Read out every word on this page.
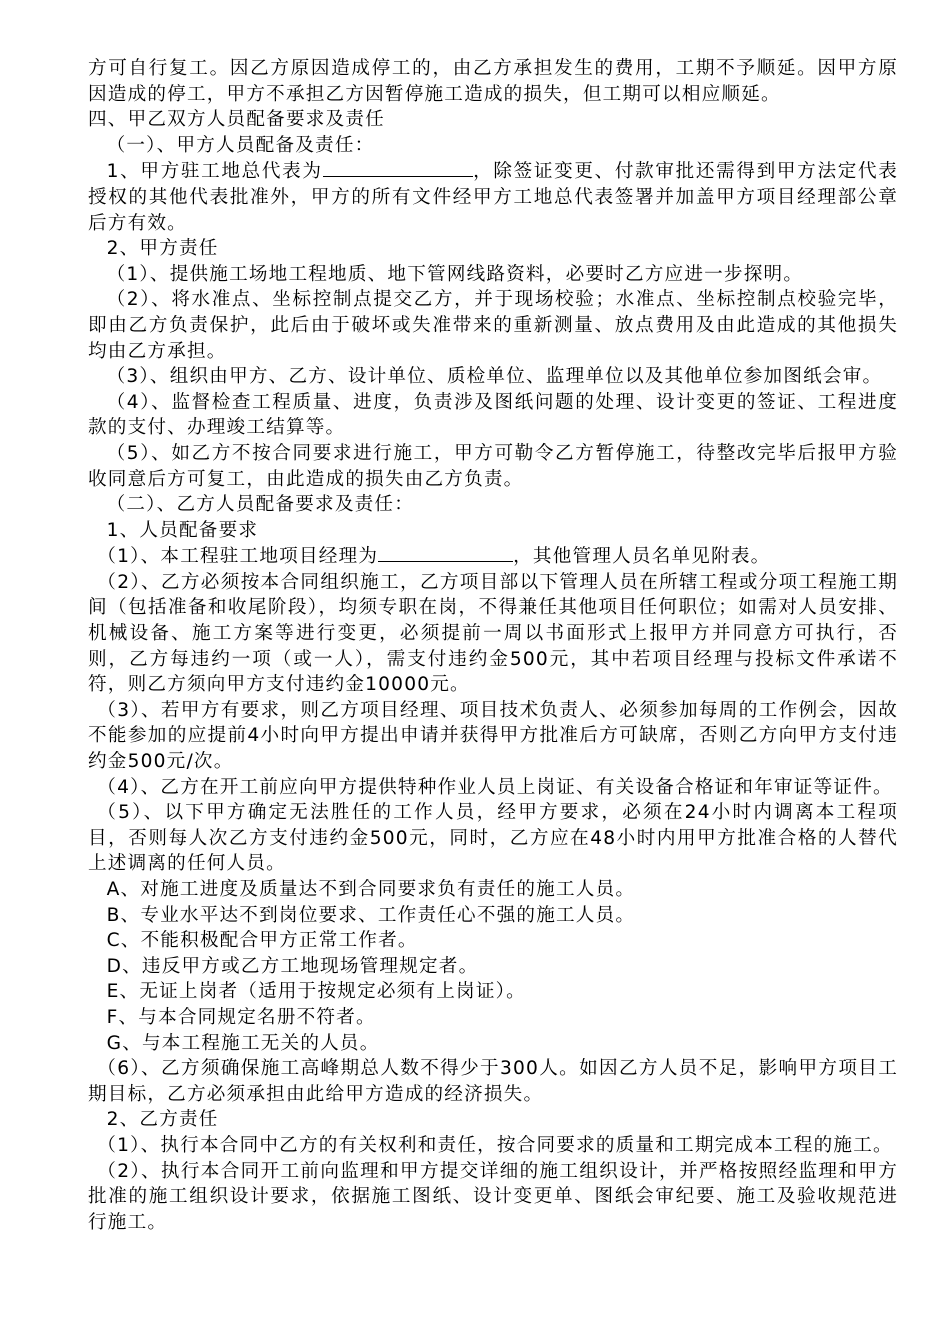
方可自行复工。因乙方原因造成停工的，由乙方承担发生的费用，工期不予顺延。因甲方原因造成的停工，甲方不承担乙方因暂停施工造成的损失，但工期可以相应顺延。

四、甲乙双方人员配备要求及责任

（一）、甲方人员配备及责任：

1、甲方驻工地总代表为	，除签证变更、付款审批还需得到甲方法定代表授权的其他代表批准外，甲方的所有文件经甲方工地总代表签署并加盖甲方项目经理部公章后方有效。

2、甲方责任

（1）、提供施工场地工程地质、地下管网线路资料，必要时乙方应进一步探明。

（2）、将水准点、坐标控制点提交乙方，并于现场校验；水准点、坐标控制点校验完毕，即由乙方负责保护，此后由于破坏或失准带来的重新测量、放点费用及由此造成的其他损失均由乙方承担。

（3）、组织由甲方、乙方、设计单位、质检单位、监理单位以及其他单位参加图纸会审。

（4）、监督检查工程质量、进度，负责涉及图纸问题的处理、设计变更的签证、工程进度款的支付、办理竣工结算等。

（5）、如乙方不按合同要求进行施工，甲方可勒令乙方暂停施工，待整改完毕后报甲方验收同意后方可复工，由此造成的损失由乙方负责。

（二）、乙方人员配备要求及责任：

1、人员配备要求

（1）、本工程驻工地项目经理为	，其他管理人员名单见附表。

（2）、乙方必须按本合同组织施工，乙方项目部以下管理人员在所辖工程或分项工程施工期间（包括准备和收尾阶段），均须专职在岗，不得兼任其他项目任何职位；如需对人员安排、机械设备、施工方案等进行变更，必须提前一周以书面形式上报甲方并同意方可执行，否则，乙方每违约一项（或一人），需支付违约金500元，其中若项目经理与投标文件承诺不符，则乙方须向甲方支付违约金10000元。

（3）、若甲方有要求，则乙方项目经理、项目技术负责人、必须参加每周的工作例会，因故不能参加的应提前4小时向甲方提出申请并获得甲方批准后方可缺席，否则乙方向甲方支付违约金500元/次。

（4）、乙方在开工前应向甲方提供特种作业人员上岗证、有关设备合格证和年审证等证件。

（5）、以下甲方确定无法胜任的工作人员，经甲方要求，必须在24小时内调离本工程项目，否则每人次乙方支付违约金500元，同时，乙方应在48小时内用甲方批准合格的人替代上述调离的任何人员。

A、对施工进度及质量达不到合同要求负有责任的施工人员。

B、专业水平达不到岗位要求、工作责任心不强的施工人员。

C、不能积极配合甲方正常工作者。

D、违反甲方或乙方工地现场管理规定者。

E、无证上岗者（适用于按规定必须有上岗证）。

F、与本合同规定名册不符者。

G、与本工程施工无关的人员。

（6）、乙方须确保施工高峰期总人数不得少于300人。如因乙方人员不足，影响甲方项目工期目标，乙方必须承担由此给甲方造成的经济损失。

2、乙方责任

（1）、执行本合同中乙方的有关权利和责任，按合同要求的质量和工期完成本工程的施工。

（2）、执行本合同开工前向监理和甲方提交详细的施工组织设计，并严格按照经监理和甲方批准的施工组织设计要求，依据施工图纸、设计变更单、图纸会审纪要、施工及验收规范进行施工。
